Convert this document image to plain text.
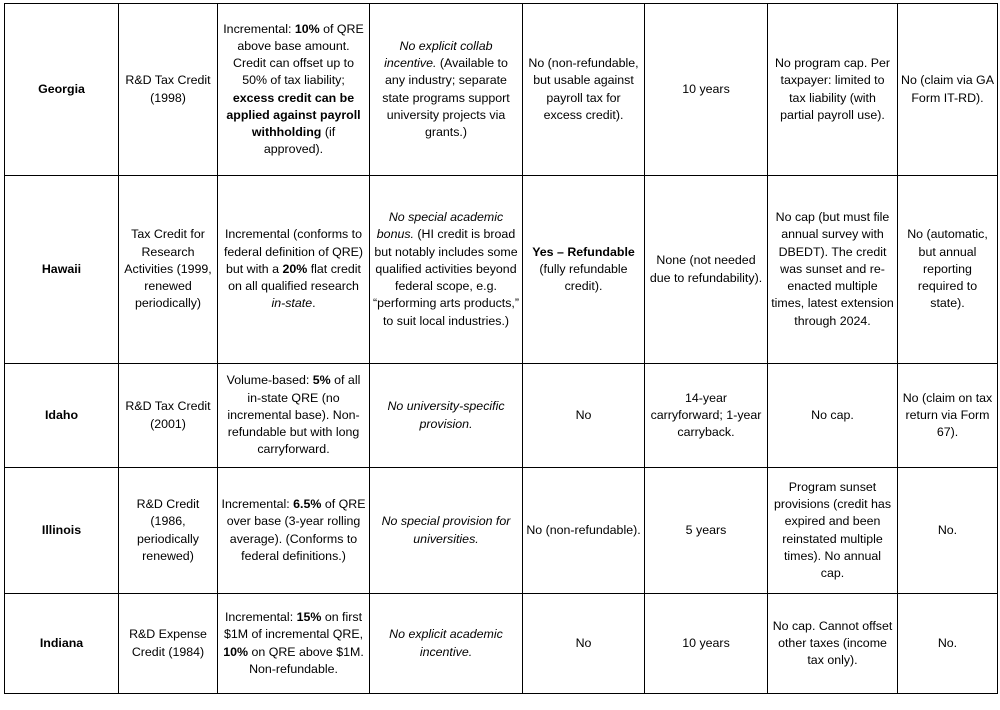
Georgia	R&D Tax Credit (1998)	Incremental: 10% of QRE above base amount. Credit can offset up to 50% of tax liability; excess credit can be applied against payroll withholding (if approved).	No explicit collab incentive. (Available to any industry; separate state programs support university projects via grants.)	No (non-refundable, but usable against payroll tax for excess credit).	10 years	No program cap. Per taxpayer: limited to tax liability (with partial payroll use).	No (claim via GA Form IT-RD).
Hawaii	Tax Credit for Research Activities (1999, renewed periodically)	Incremental (conforms to federal definition of QRE) but with a 20% flat credit on all qualified research in-state.	No special academic bonus. (HI credit is broad but notably includes some qualified activities beyond federal scope, e.g. “performing arts products,” to suit local industries.)	Yes – Refundable (fully refundable credit).	None (not needed due to refundability).	No cap (but must file annual survey with DBEDT). The credit was sunset and re-enacted multiple times, latest extension through 2024.	No (automatic, but annual reporting required to state).
Idaho	R&D Tax Credit (2001)	Volume-based: 5% of all in-state QRE (no incremental base). Non-refundable but with long carryforward.	No university-specific provision.	No	14-year carryforward; 1-year carryback.	No cap.	No (claim on tax return via Form 67).
Illinois	R&D Credit (1986, periodically renewed)	Incremental: 6.5% of QRE over base (3-year rolling average). (Conforms to federal definitions.)	No special provision for universities.	No (non-refundable).	5 years	Program sunset provisions (credit has expired and been reinstated multiple times). No annual cap.	No.
Indiana	R&D Expense Credit (1984)	Incremental: 15% on first $1M of incremental QRE, 10% on QRE above $1M. Non-refundable.	No explicit academic incentive.	No	10 years	No cap. Cannot offset other taxes (income tax only).	No.
